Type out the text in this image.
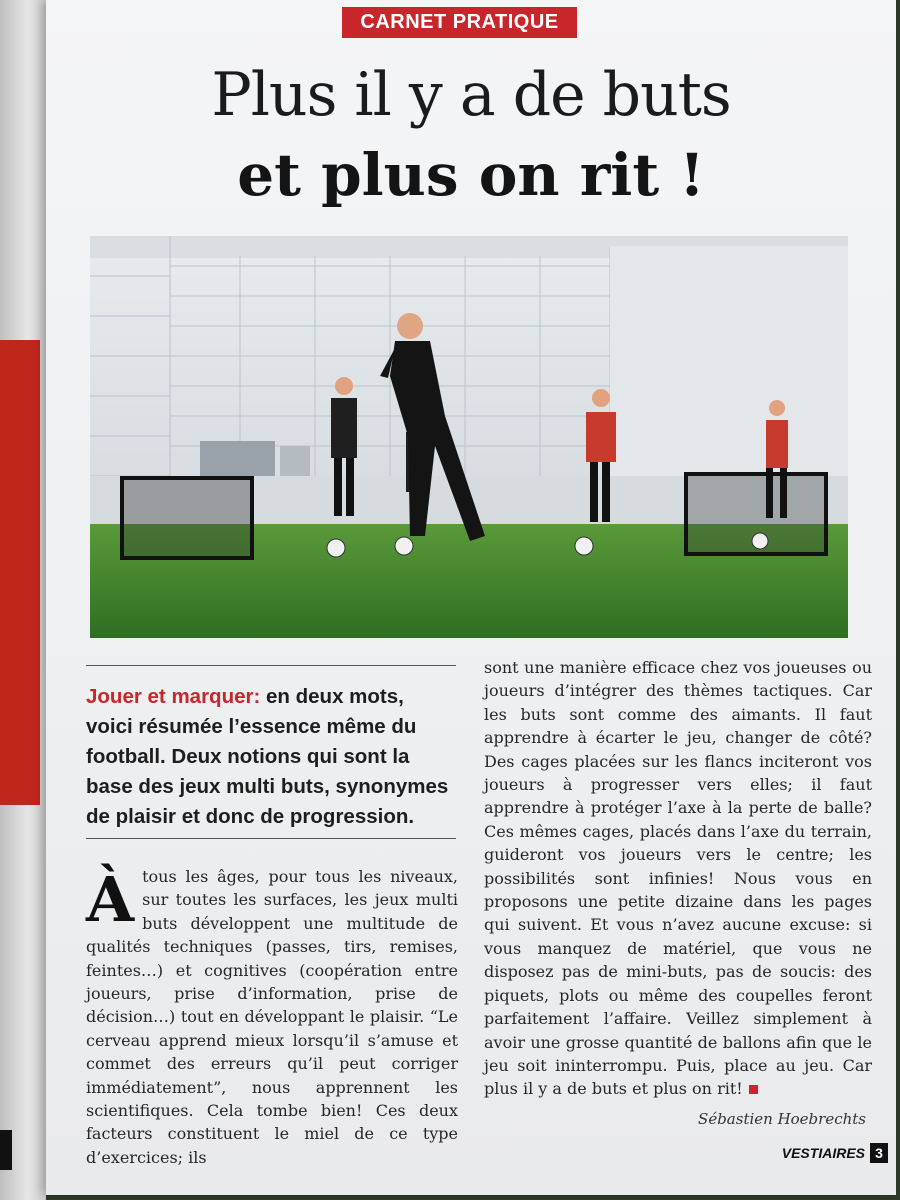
CARNET PRATIQUE
Plus il y a de buts
et plus on rit !
Jouer et marquer: en deux mots, voici résumée l’essence même du football. Deux notions qui sont la base des jeux multi buts, synonymes de plaisir et donc de progression.
Àtous les âges, pour tous les niveaux, sur toutes les surfaces, les jeux multi buts développent une multitude de qualités techniques (passes, tirs, remises, feintes…) et cognitives (coopération entre joueurs, prise d’information, prise de décision…) tout en développant le plaisir. “Le cerveau apprend mieux lorsqu’il s’amuse et commet des erreurs qu’il peut corriger immédiatement”, nous apprennent les scientifiques. Cela tombe bien! Ces deux facteurs constituent le miel de ce type d’exercices; ils
sont une manière efficace chez vos joueuses ou joueurs d’intégrer des thèmes tactiques. Car les buts sont comme des aimants. Il faut apprendre à écarter le jeu, changer de côté? Des cages placées sur les flancs inciteront vos joueurs à progresser vers elles; il faut apprendre à protéger l’axe à la perte de balle? Ces mêmes cages, placés dans l’axe du terrain, guideront vos joueurs vers le centre; les possibilités sont infinies! Nous vous en proposons une petite dizaine dans les pages qui suivent. Et vous n’avez aucune excuse: si vous manquez de matériel, que vous ne disposez pas de mini-buts, pas de soucis: des piquets, plots ou même des coupelles feront parfaitement l’affaire. Veillez simplement à avoir une grosse quantité de ballons afin que le jeu soit ininterrompu. Puis, place au jeu. Car plus il y a de buts et plus on rit!
Sébastien Hoebrechts
VESTIAIRES 3
